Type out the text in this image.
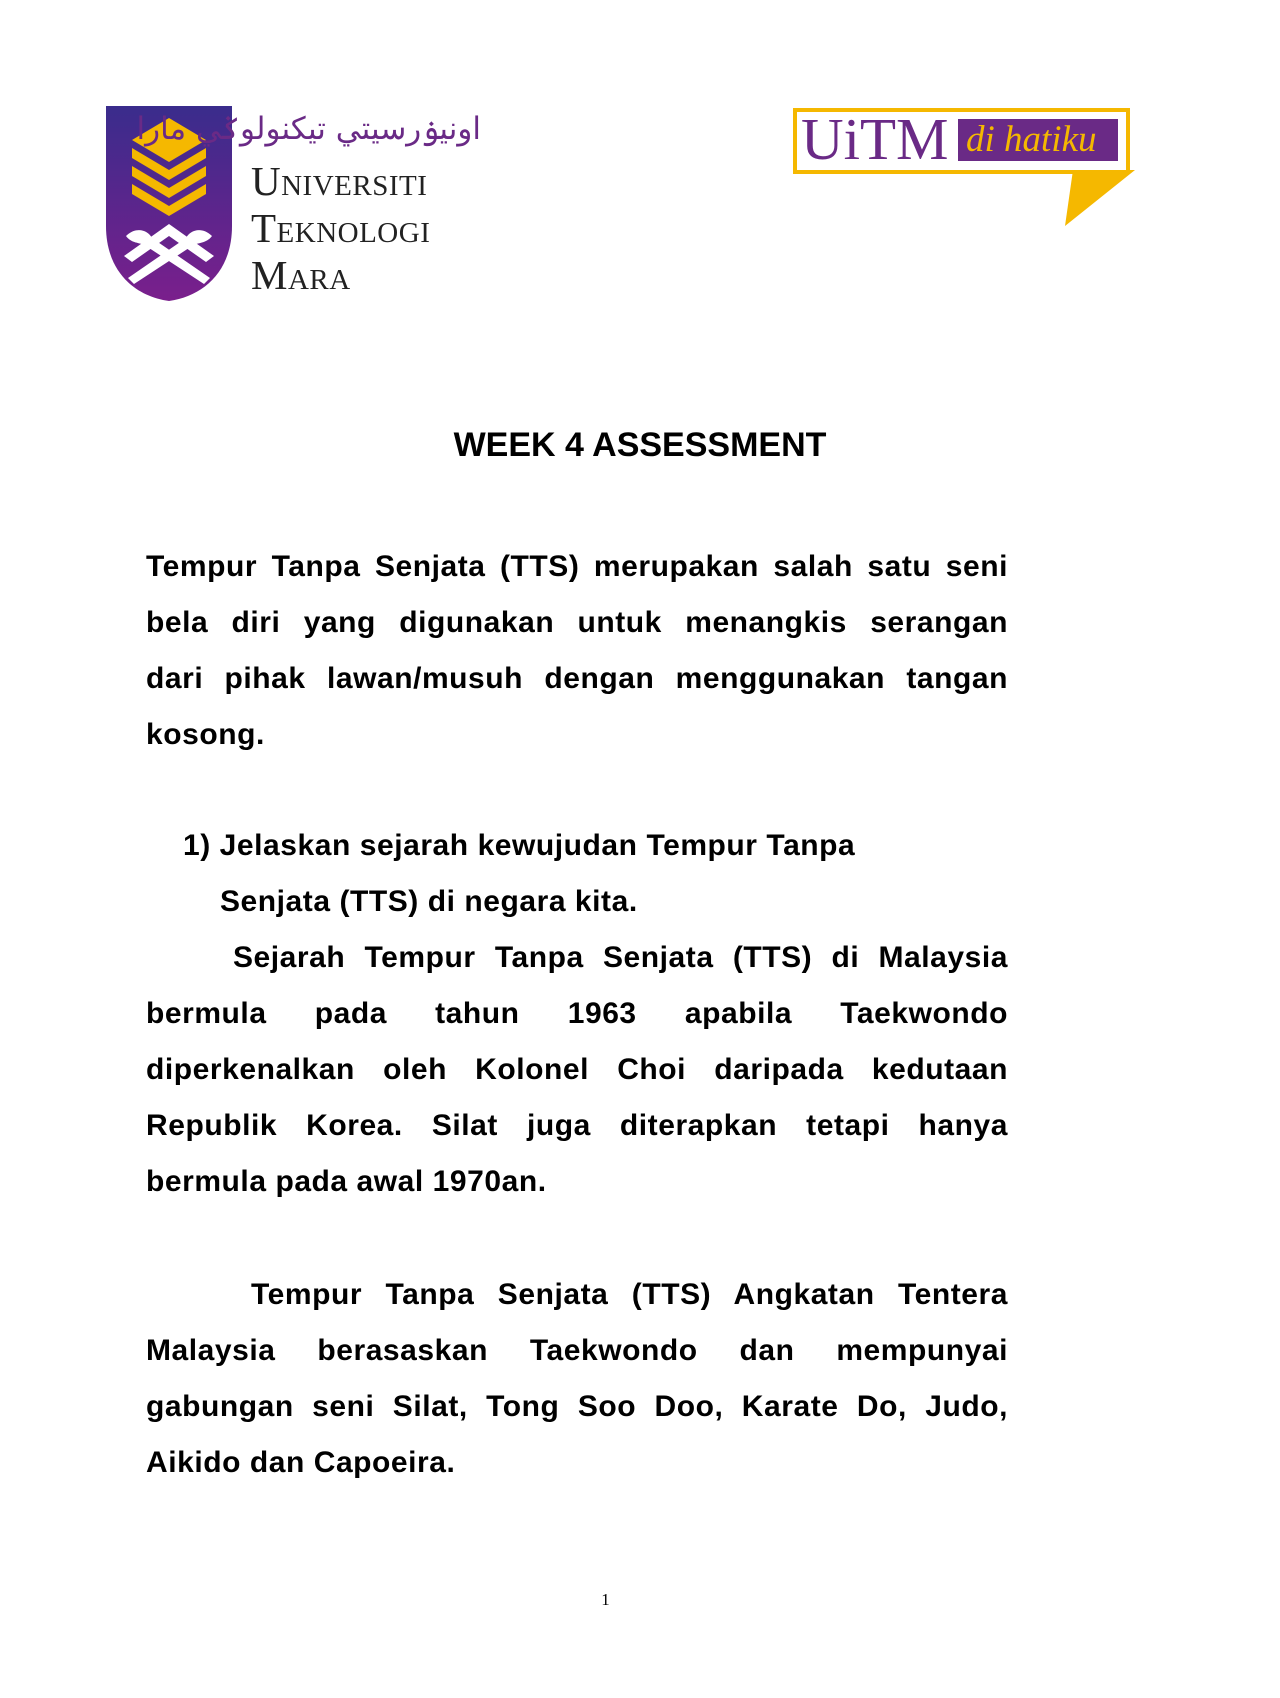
اونيۏرسيتي تيكنولوݢي مارا
Universiti
Teknologi
Mara
UiTM di hatiku
WEEK 4 ASSESSMENT
Tempur Tanpa Senjata (TTS) merupakan salah satu seni
bela diri yang digunakan untuk menangkis serangan
dari pihak lawan/musuh dengan menggunakan tangan
kosong.
1) Jelaskan sejarah kewujudan Tempur Tanpa
Senjata (TTS) di negara kita.
Sejarah Tempur Tanpa Senjata (TTS) di Malaysia
bermula pada tahun 1963 apabila Taekwondo
diperkenalkan oleh Kolonel Choi daripada kedutaan
Republik Korea. Silat juga diterapkan tetapi hanya
bermula pada awal 1970an.
Tempur Tanpa Senjata (TTS) Angkatan Tentera
Malaysia berasaskan Taekwondo dan mempunyai
gabungan seni Silat, Tong Soo Doo, Karate Do, Judo,
Aikido dan Capoeira.
1
